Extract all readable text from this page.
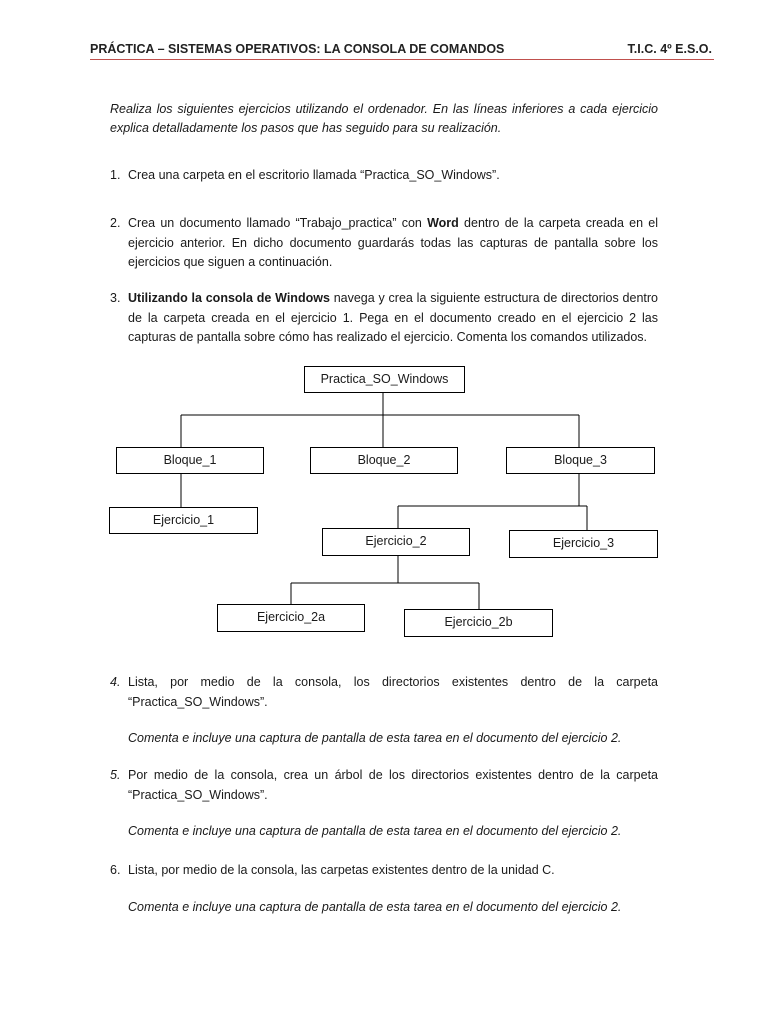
PRÁCTICA – SISTEMAS OPERATIVOS: LA CONSOLA DE COMANDOS	T.I.C. 4º E.S.O.
Realiza los siguientes ejercicios utilizando el ordenador. En las líneas inferiores a cada ejercicio explica detalladamente los pasos que has seguido para su realización.
1. Crea una carpeta en el escritorio llamada “Practica_SO_Windows”.
2. Crea un documento llamado “Trabajo_practica” con Word dentro de la carpeta creada en el ejercicio anterior. En dicho documento guardarás todas las capturas de pantalla sobre los ejercicios que siguen a continuación.
3. Utilizando la consola de Windows navega y crea la siguiente estructura de directorios dentro de la carpeta creada en el ejercicio 1. Pega en el documento creado en el ejercicio 2 las capturas de pantalla sobre cómo has realizado el ejercicio. Comenta los comandos utilizados.
Practica_SO_Windows
Bloque_1	Bloque_2	Bloque_3
Ejercicio_1
Ejercicio_2	Ejercicio_3
Ejercicio_2a	Ejercicio_2b
4. Lista, por medio de la consola, los directorios existentes dentro de la carpeta “Practica_SO_Windows”.
Comenta e incluye una captura de pantalla de esta tarea en el documento del ejercicio 2.
5. Por medio de la consola, crea un árbol de los directorios existentes dentro de la carpeta “Practica_SO_Windows”.
Comenta e incluye una captura de pantalla de esta tarea en el documento del ejercicio 2.
6. Lista, por medio de la consola, las carpetas existentes dentro de la unidad C.
Comenta e incluye una captura de pantalla de esta tarea en el documento del ejercicio 2.
